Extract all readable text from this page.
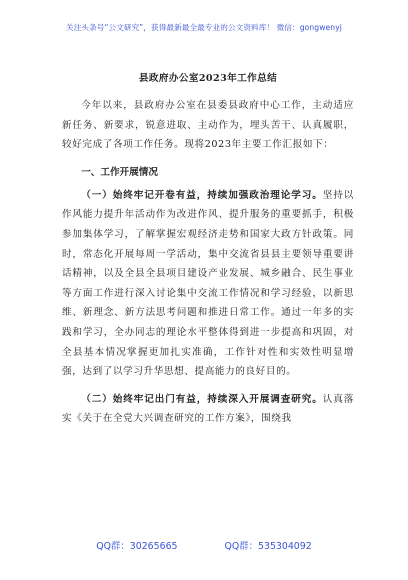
关注头条号“公文研究”，获得最新最全最专业的公文资料库！ 微信：gongwenyj
县政府办公室2023年工作总结

今年以来，县政府办公室在县委县政府中心工作，主动适应新任务、新要求，锐意进取、主动作为，埋头苦干、认真履职，较好完成了各项工作任务。现将2023年主要工作汇报如下：

一、工作开展情况

（一）始终牢记开卷有益，持续加强政治理论学习。坚持以作风能力提升年活动作为改进作风、提升服务的重要抓手，积极参加集体学习，了解掌握宏观经济走势和国家大政方针政策。同时，常态化开展每周一学活动，集中交流省县县主要领导重要讲话精神，以及全县全县项目建设产业发展、城乡融合、民生事业等方面工作进行深入讨论集中交流工作情况和学习经验，以新思维、新理念、新方法思考问题和推进日常工作。通过一年多的实践和学习，全办同志的理论水平整体得到进一步提高和巩固，对全县基本情况掌握更加扎实准确，工作针对性和实效性明显增强，达到了以学习升华思想、提高能力的良好目的。

（二）始终牢记出门有益，持续深入开展调查研究。认真落实《关于在全党大兴调查研究的工作方案》，围绕我

QQ群：30265665	QQ群：535304092
